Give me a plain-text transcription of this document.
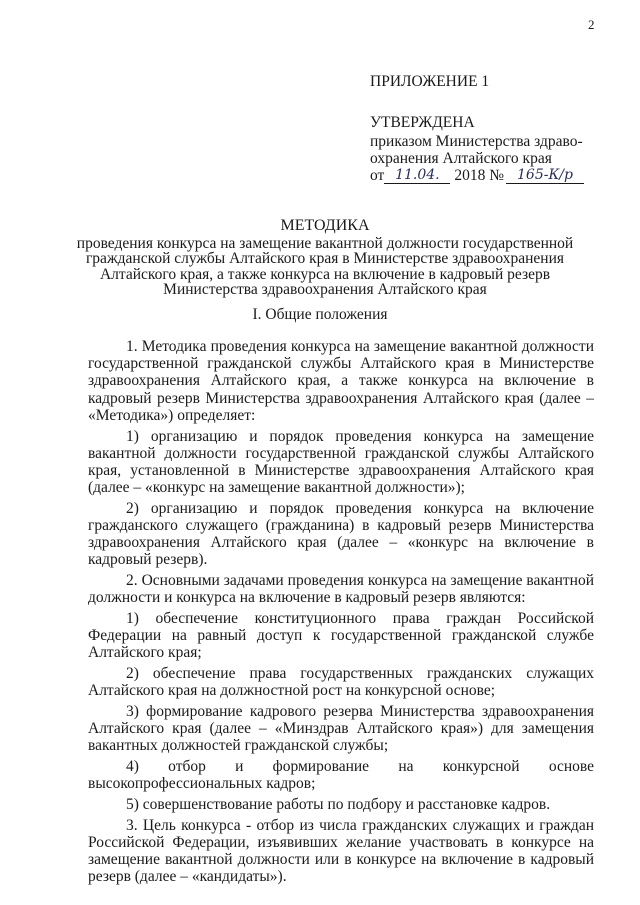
2
ПРИЛОЖЕНИЕ 1
УТВЕРЖДЕНА
приказом Министерства здраво-
охранения Алтайского края
от 11.04. 2018 № 165-К/р
МЕТОДИКА
проведения конкурса на замещение вакантной должности государственной
гражданской службы Алтайского края в Министерстве здравоохранения
Алтайского края, а также конкурса на включение в кадровый резерв
Министерства здравоохранения Алтайского края
I. Общие положения

1. Методика проведения конкурса на замещение вакантной должности государственной гражданской службы Алтайского края в Министерстве здравоохранения Алтайского края, а также конкурса на включение в кадровый резерв Министерства здравоохранения Алтайского края (далее – «Методика») определяет:

1) организацию и порядок проведения конкурса на замещение вакантной должности государственной гражданской службы Алтайского края, установленной в Министерстве здравоохранения Алтайского края (далее – «конкурс на замещение вакантной должности»);

2) организацию и порядок проведения конкурса на включение гражданского служащего (гражданина) в кадровый резерв Министерства здравоохранения Алтайского края (далее – «конкурс на включение в кадровый резерв).

2. Основными задачами проведения конкурса на замещение вакантной должности и конкурса на включение в кадровый резерв являются:

1) обеспечение конституционного права граждан Российской Федерации на равный доступ к государственной гражданской службе Алтайского края;

2) обеспечение права государственных гражданских служащих Алтайского края на должностной рост на конкурсной основе;

3) формирование кадрового резерва Министерства здравоохранения Алтайского края (далее – «Минздрав Алтайского края») для замещения вакантных должностей гражданской службы;

4) отбор и формирование на конкурсной основе высокопрофессиональных кадров;

5) совершенствование работы по подбору и расстановке кадров.

3. Цель конкурса - отбор из числа гражданских служащих и граждан Российской Федерации, изъявивших желание участвовать в конкурсе на замещение вакантной должности или в конкурсе на включение в кадровый резерв (далее – «кандидаты»).
